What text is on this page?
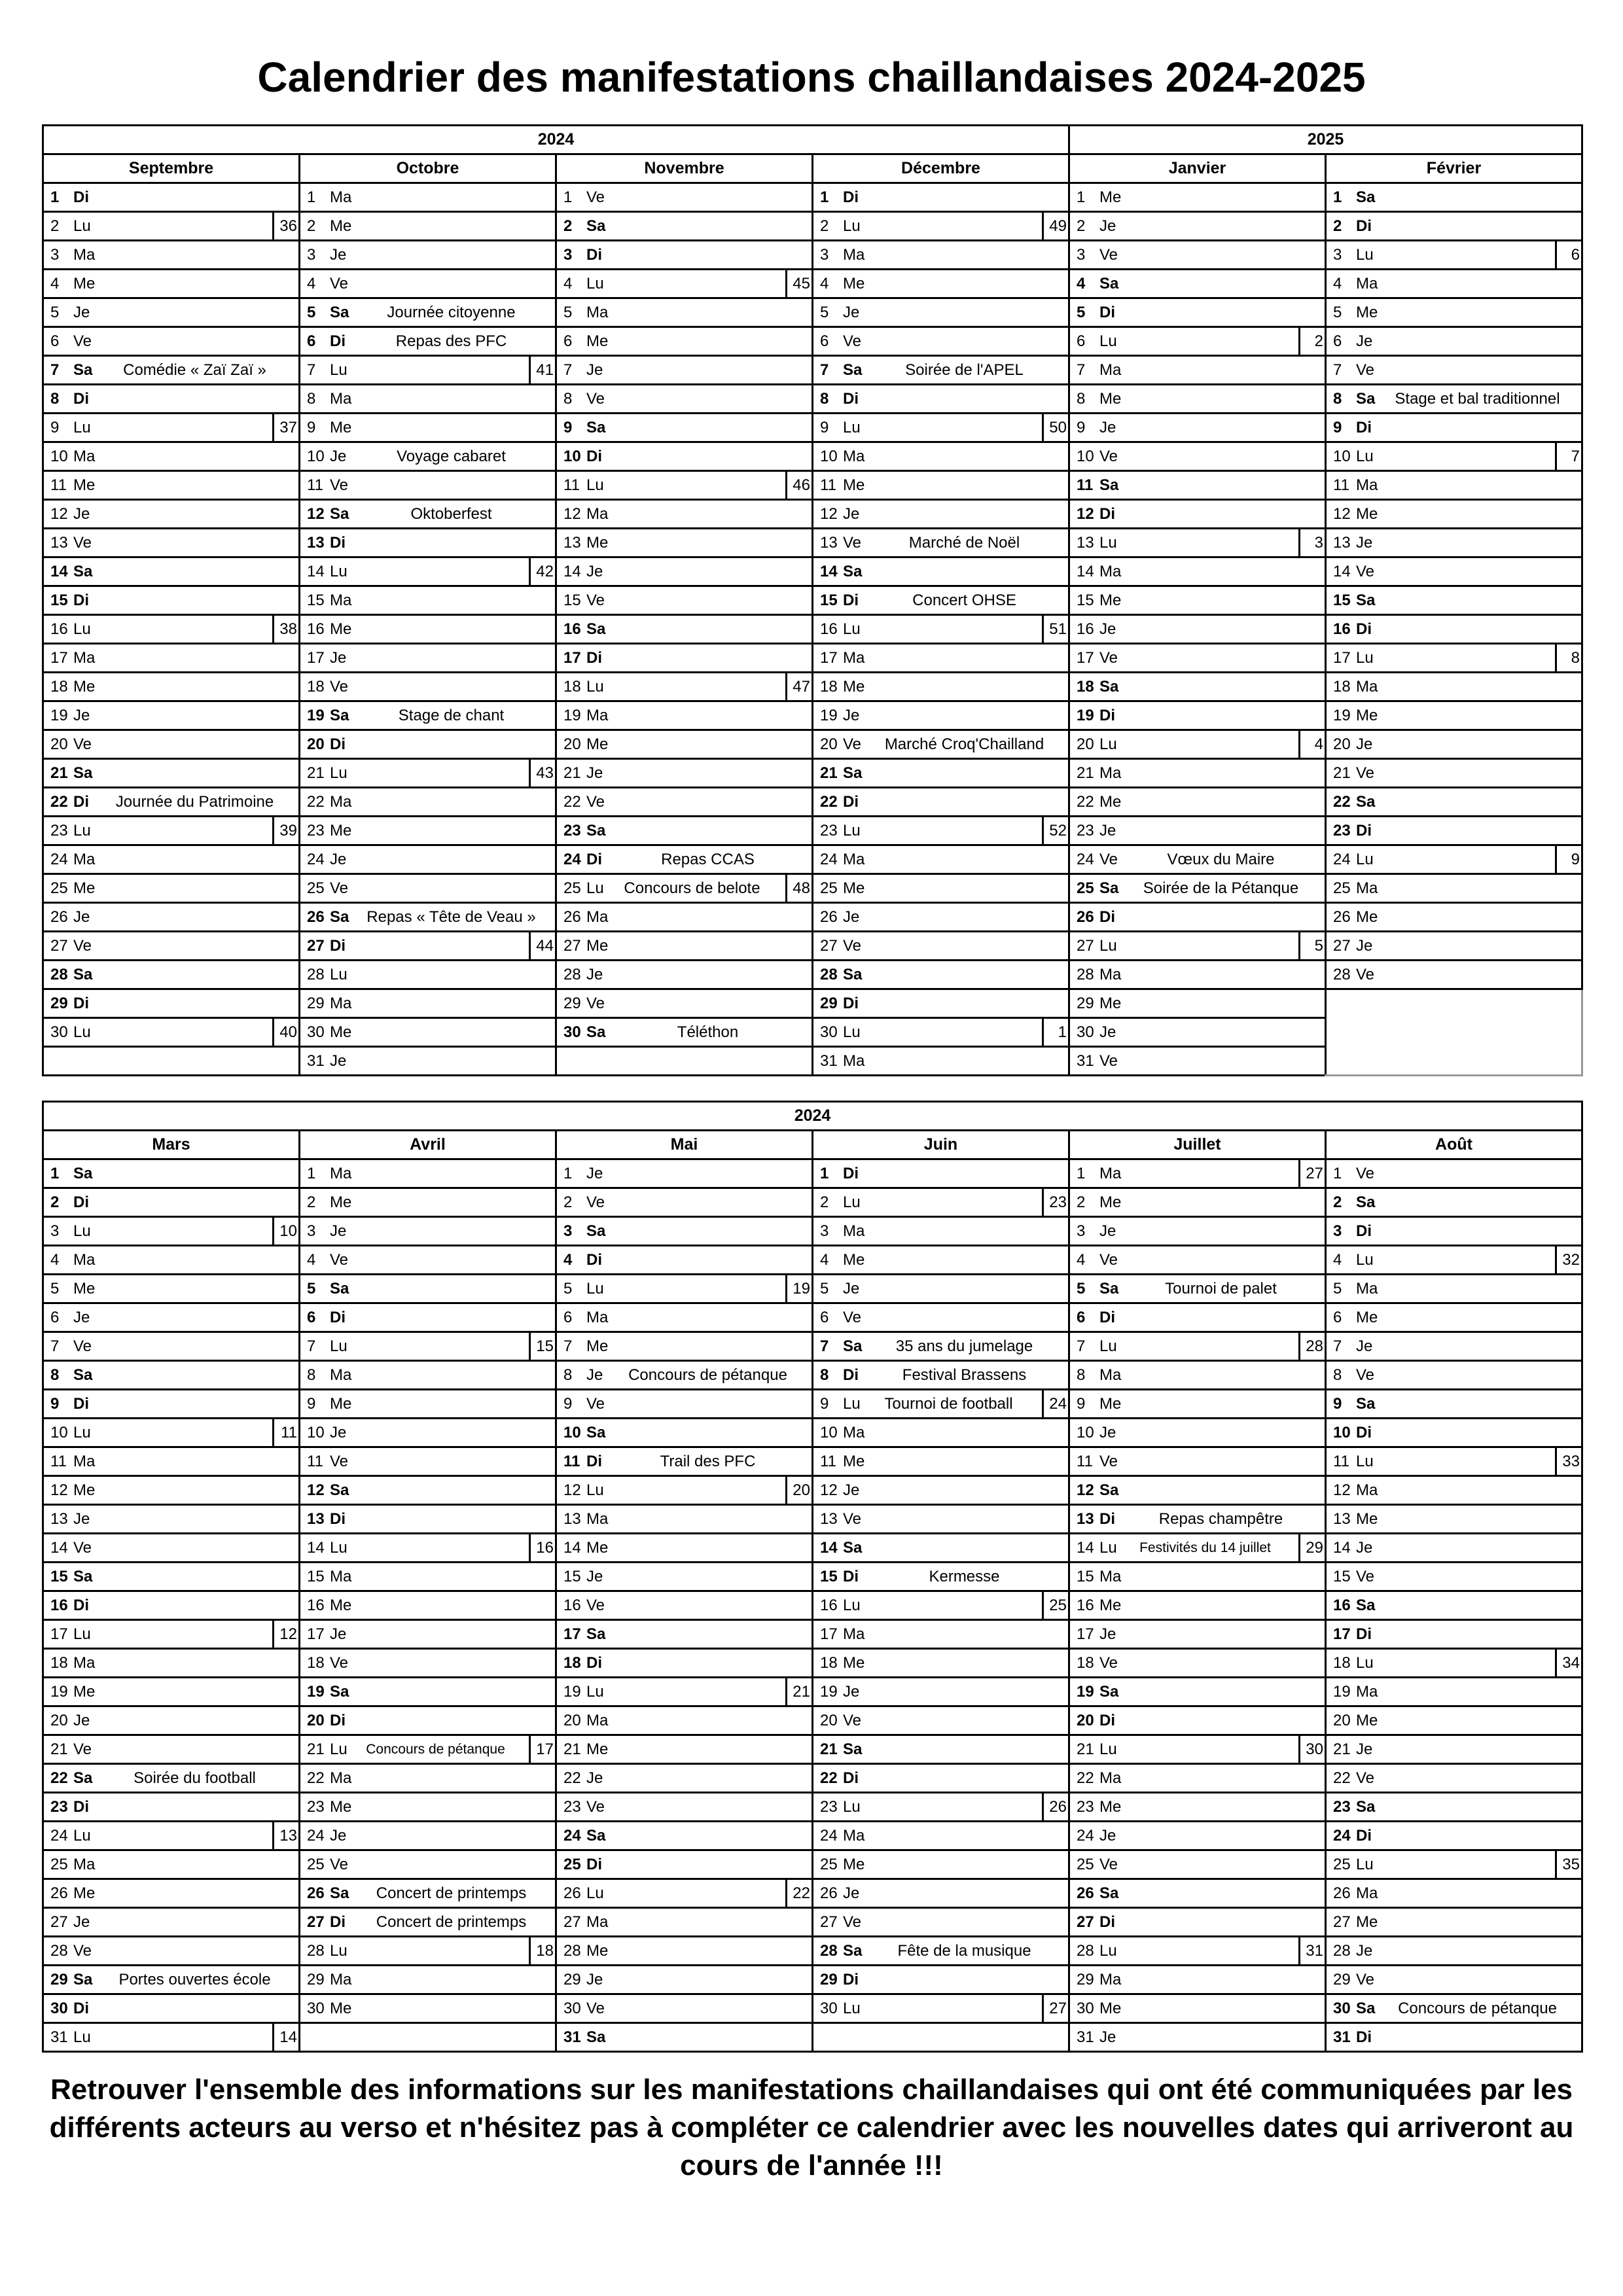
Calendrier des manifestations chaillandaises 2024-2025
2024				2025	
Septembre	Octobre	Novembre	Décembre	Janvier	Février

1 Di	1 Ma	1 Ve	1 Di	1 Me	1 Sa

2 Lu 36	2 Me	2 Sa	2 Lu 49	2 Je	2 Di

3 Ma	3 Je	3 Di	3 Ma	3 Ve	3 Lu 6

4 Me	4 Ve	4 Lu 45	4 Me	4 Sa	4 Ma

5 Je	5 Sa Journée citoyenne	5 Ma	5 Je	5 Di	5 Me

6 Ve	6 Di Repas des PFC	6 Me	6 Ve	6 Lu 2	6 Je

7 Sa Comédie « Zaï Zaï »	7 Lu 41	7 Je	7 Sa Soirée de l'APEL	7 Ma	7 Ve

8 Di	8 Ma	8 Ve	8 Di	8 Me	8 Sa Stage et bal traditionnel

9 Lu 37	9 Me	9 Sa	9 Lu 50	9 Je	9 Di

10 Ma	10 Je Voyage cabaret	10 Di	10 Ma	10 Ve	10 Lu 7

11 Me	11 Ve	11 Lu 46	11 Me	11 Sa	11 Ma

12 Je	12 Sa Oktoberfest	12 Ma	12 Je	12 Di	12 Me

13 Ve	13 Di	13 Me	13 Ve Marché de Noël	13 Lu 3	13 Je

14 Sa	14 Lu 42	14 Je	14 Sa	14 Ma	14 Ve

15 Di	15 Ma	15 Ve	15 Di Concert OHSE	15 Me	15 Sa

16 Lu 38	16 Me	16 Sa	16 Lu 51	16 Je	16 Di

17 Ma	17 Je	17 Di	17 Ma	17 Ve	17 Lu 8

18 Me	18 Ve	18 Lu 47	18 Me	18 Sa	18 Ma

19 Je	19 Sa Stage de chant	19 Ma	19 Je	19 Di	19 Me

20 Ve	20 Di	20 Me	20 Ve Marché Croq'Chailland	20 Lu 4	20 Je

21 Sa	21 Lu 43	21 Je	21 Sa	21 Ma	21 Ve

22 Di Journée du Patrimoine	22 Ma	22 Ve	22 Di	22 Me	22 Sa

23 Lu 39	23 Me	23 Sa	23 Lu 52	23 Je	23 Di

24 Ma	24 Je	24 Di Repas CCAS	24 Ma	24 Ve Vœux du Maire	24 Lu 9

25 Me	25 Ve	25 Lu Concours de belote 48	25 Me	25 Sa Soirée de la Pétanque	25 Ma

26 Je	26 Sa Repas « Tête de Veau »	26 Ma	26 Je	26 Di	26 Me

27 Ve	27 Di 44	27 Me	27 Ve	27 Lu 5	27 Je

28 Sa	28 Lu	28 Je	28 Sa	28 Ma	28 Ve

29 Di	29 Ma	29 Ve	29 Di	29 Me	

30 Lu 40	30 Me	30 Sa Téléthon	30 Lu 1	30 Je	

	31 Je		31 Ma	31 Ve	
2024					
Mars	Avril	Mai	Juin	Juillet	Août

1 Sa	1 Ma	1 Je	1 Di	1 Ma 27	1 Ve

2 Di	2 Me	2 Ve	2 Lu 23	2 Me	2 Sa

3 Lu 10	3 Je	3 Sa	3 Ma	3 Je	3 Di

4 Ma	4 Ve	4 Di	4 Me	4 Ve	4 Lu 32

5 Me	5 Sa	5 Lu 19	5 Je	5 Sa Tournoi de palet	5 Ma

6 Je	6 Di	6 Ma	6 Ve	6 Di	6 Me

7 Ve	7 Lu 15	7 Me	7 Sa 35 ans du jumelage	7 Lu 28	7 Je

8 Sa	8 Ma	8 Je Concours de pétanque	8 Di Festival Brassens	8 Ma	8 Ve

9 Di	9 Me	9 Ve	9 Lu Tournoi de football 24	9 Me	9 Sa

10 Lu 11	10 Je	10 Sa	10 Ma	10 Je	10 Di

11 Ma	11 Ve	11 Di Trail des PFC	11 Me	11 Ve	11 Lu 33

12 Me	12 Sa	12 Lu 20	12 Je	12 Sa	12 Ma

13 Je	13 Di	13 Ma	13 Ve	13 Di Repas champêtre	13 Me

14 Ve	14 Lu 16	14 Me	14 Sa	14 Lu Festivités du 14 juillet 29	14 Je

15 Sa	15 Ma	15 Je	15 Di Kermesse	15 Ma	15 Ve

16 Di	16 Me	16 Ve	16 Lu 25	16 Me	16 Sa

17 Lu 12	17 Je	17 Sa	17 Ma	17 Je	17 Di

18 Ma	18 Ve	18 Di	18 Me	18 Ve	18 Lu 34

19 Me	19 Sa	19 Lu 21	19 Je	19 Sa	19 Ma

20 Je	20 Di	20 Ma	20 Ve	20 Di	20 Me

21 Ve	21 Lu Concours de pétanque 17	21 Me	21 Sa	21 Lu 30	21 Je

22 Sa Soirée du football	22 Ma	22 Je	22 Di	22 Ma	22 Ve

23 Di	23 Me	23 Ve	23 Lu 26	23 Me	23 Sa

24 Lu 13	24 Je	24 Sa	24 Ma	24 Je	24 Di

25 Ma	25 Ve	25 Di	25 Me	25 Ve	25 Lu 35

26 Me	26 Sa Concert de printemps	26 Lu 22	26 Je	26 Sa	26 Ma

27 Je	27 Di Concert de printemps	27 Ma	27 Ve	27 Di	27 Me

28 Ve	28 Lu 18	28 Me	28 Sa Fête de la musique	28 Lu 31	28 Je

29 Sa Portes ouvertes école	29 Ma	29 Je	29 Di	29 Ma	29 Ve

30 Di	30 Me	30 Ve	30 Lu 27	30 Me	30 Sa Concours de pétanque

31 Lu 14		31 Sa		31 Je	31 Di

Retrouver l'ensemble des informations sur les manifestations chaillandaises qui ont été communiquées par les différents acteurs au verso et n'hésitez pas à compléter ce calendrier avec les nouvelles dates qui arriveront au cours de l'année !!!
